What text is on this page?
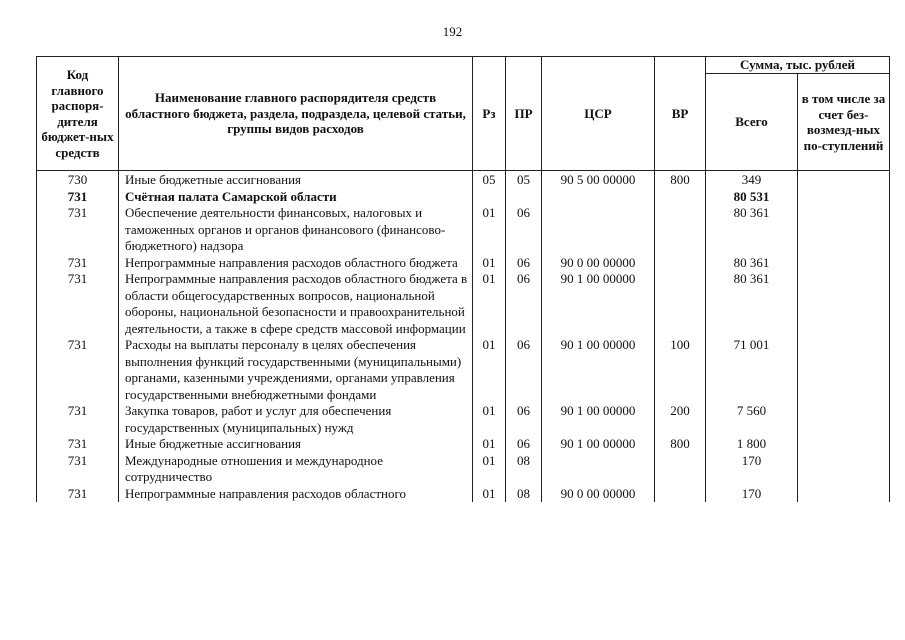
192
Код главного распоря-дителя бюджет-ных средств	Наименование главного распорядителя средств областного бюджета, раздела, подраздела, целевой статьи, группы видов расходов	Рз	ПР	ЦСР	ВР	Сумма, тыс. рублей	
						Всего	в том числе за счет без-возмезд-ных по-ступлений
730	Иные бюджетные ассигнования	05	05	90 5 00 00000	800	349	
731	Счётная палата Самарской области					80 531	
731	Обеспечение деятельности финансовых, налоговых и таможенных органов и органов финансового (финансово-бюджетного) надзора	01	06			80 361	
731	Непрограммные направления расходов областного бюджета	01	06	90 0 00 00000		80 361	
731	Непрограммные направления расходов областного бюджета в области общегосударственных вопросов, национальной обороны, национальной безопасности и правоохранительной деятельности, а также в сфере средств массовой информации	01	06	90 1 00 00000		80 361	
731	Расходы на выплаты персоналу в целях обеспечения выполнения функций государственными (муниципальными) органами, казенными учреждениями, органами управления государственными внебюджетными фондами	01	06	90 1 00 00000	100	71 001	
731	Закупка товаров, работ и услуг для обеспечения государственных (муниципальных) нужд	01	06	90 1 00 00000	200	7 560	
731	Иные бюджетные ассигнования	01	06	90 1 00 00000	800	1 800	
731	Международные отношения и международное сотрудничество	01	08			170	
731	Непрограммные направления расходов областного	01	08	90 0 00 00000		170	
